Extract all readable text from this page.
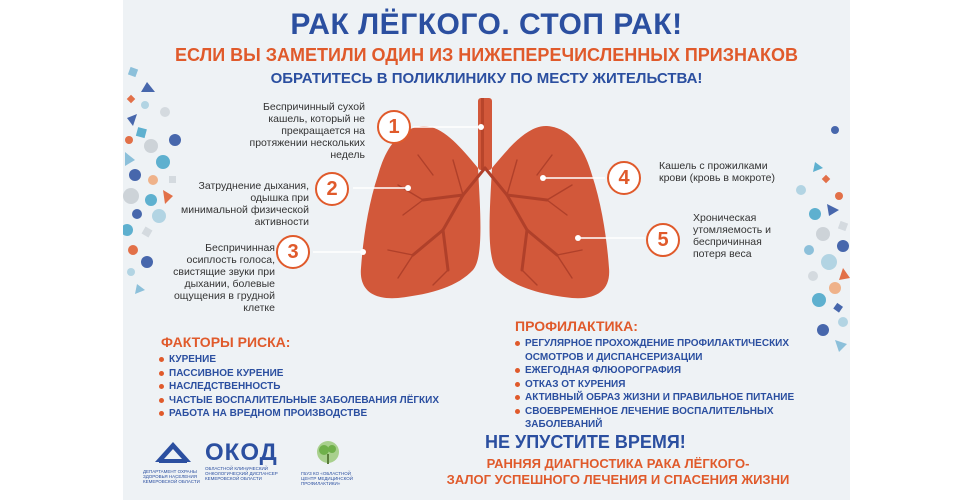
РАК ЛЁГКОГО. СТОП РАК!
ЕСЛИ ВЫ ЗАМЕТИЛИ ОДИН ИЗ НИЖЕПЕРЕЧИСЛЕННЫХ ПРИЗНАКОВ
ОБРАТИТЕСЬ В ПОЛИКЛИНИКУ ПО МЕСТУ ЖИТЕЛЬСТВА!
Беспричинный сухой кашель, который не прекращается на протяжении нескольких недель
1
Затруднение дыхания, одышка при минимальной физической активности
2
Беспричинная осиплость голоса, свистящие звуки при дыхании, болевые ощущения в грудной клетке
3
4
Кашель с прожилками крови (кровь в мокроте)
5
Хроническая утомляемость и беспричинная потеря веса
ФАКТОРЫ РИСКА:
КУРЕНИЕ
ПАССИВНОЕ КУРЕНИЕ
НАСЛЕДСТВЕННОСТЬ
ЧАСТЫЕ ВОСПАЛИТЕЛЬНЫЕ ЗАБОЛЕВАНИЯ ЛЁГКИХ
РАБОТА НА ВРЕДНОМ ПРОИЗВОДСТВЕ
ПРОФИЛАКТИКА:
РЕГУЛЯРНОЕ ПРОХОЖДЕНИЕ ПРОФИЛАКТИЧЕСКИХ ОСМОТРОВ И ДИСПАНСЕРИЗАЦИИ
ЕЖЕГОДНАЯ ФЛЮОРОГРАФИЯ
ОТКАЗ ОТ КУРЕНИЯ
АКТИВНЫЙ ОБРАЗ ЖИЗНИ И ПРАВИЛЬНОЕ ПИТАНИЕ
СВОЕВРЕМЕННОЕ ЛЕЧЕНИЕ ВОСПАЛИТЕЛЬНЫХ ЗАБОЛЕВАНИЙ
НЕ УПУСТИТЕ ВРЕМЯ!
РАННЯЯ ДИАГНОСТИКА РАКА ЛЁГКОГО-
ЗАЛОГ УСПЕШНОГО ЛЕЧЕНИЯ И СПАСЕНИЯ ЖИЗНИ
ДЕПАРТАМЕНТ ОХРАНЫ ЗДОРОВЬЯ НАСЕЛЕНИЯ КЕМЕРОВСКОЙ ОБЛАСТИ
ОКОД
ОБЛАСТНОЙ КЛИНИЧЕСКИЙ ОНКОЛОГИЧЕСКИЙ ДИСПАНСЕР КЕМЕРОВСКОЙ ОБЛАСТИ
ГБУЗ КО «ОБЛАСТНОЙ ЦЕНТР МЕДИЦИНСКОЙ ПРОФИЛАКТИКИ»
